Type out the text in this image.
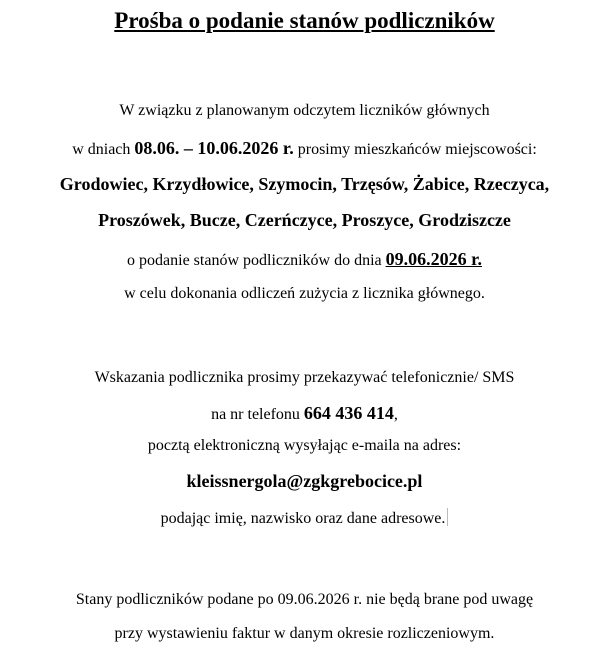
Prośba o podanie stanów podliczników
W związku z planowanym odczytem liczników głównych
w dniach 08.06. – 10.06.2026 r. prosimy mieszkańców miejscowości:
Grodowiec, Krzydłowice, Szymocin, Trzęsów, Żabice, Rzeczyca,
Proszówek, Bucze, Czerńczyce, Proszyce, Grodziszcze
o podanie stanów podliczników do dnia 09.06.2026 r.
w celu dokonania odliczeń zużycia z licznika głównego.
Wskazania podlicznika prosimy przekazywać telefonicznie/ SMS
na nr telefonu 664 436 414,
pocztą elektroniczną wysyłając e-maila na adres:
kleissnergola@zgkgrebocice.pl
podając imię, nazwisko oraz dane adresowe.
Stany podliczników podane po 09.06.2026 r. nie będą brane pod uwagę
przy wystawieniu faktur w danym okresie rozliczeniowym.
